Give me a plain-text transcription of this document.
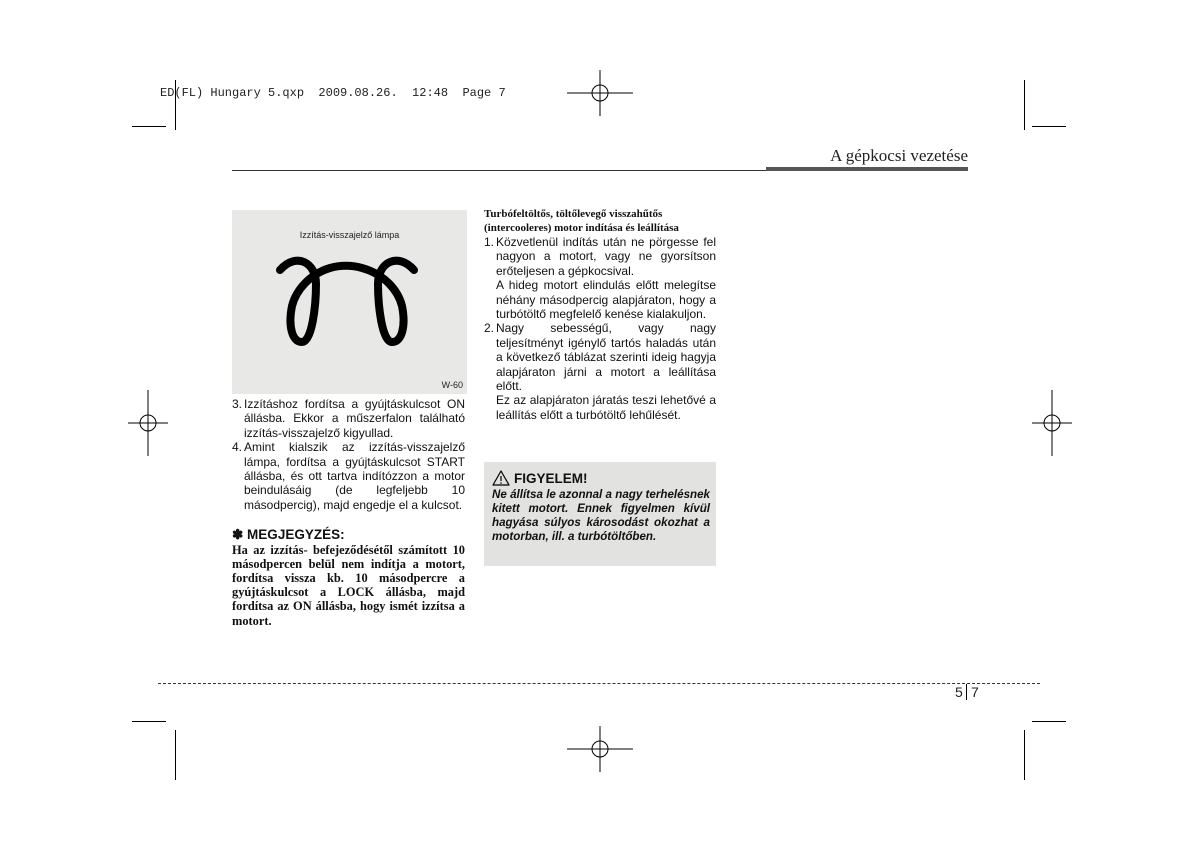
ED(FL) Hungary 5.qxp  2009.08.26.  12:48  Page 7
A gépkocsi vezetése
Izzítás-visszajelző lámpa
W-60
3. Izzításhoz fordítsa a gyújtáskulcsot ON állásba. Ekkor a műszerfalon található izzítás-visszajelző kigyullad.
4. Amint kialszik az izzítás-visszajelző lámpa, fordítsa a gyújtáskulcsot START állásba, és ott tartva indítózzon a motor beindulásáig (de legfeljebb 10 másodpercig), majd engedje el a kulcsot.
✽ MEGJEGYZÉS:
Ha az izzítás- befejeződésétől számított 10 másodpercen belül nem indítja a motort, fordítsa vissza kb. 10 másodpercre a gyújtáskulcsot a LOCK állásba, majd fordítsa az ON állásba, hogy ismét izzítsa a motort.
Turbófeltöltős, töltőlevegő visszahűtős (intercooleres) motor indítása és leállítása
1. Közvetlenül indítás után ne pörgesse fel nagyon a motort, vagy ne gyorsítson erőteljesen a gépkocsival.
A hideg motort elindulás előtt melegítse néhány másodpercig alapjáraton, hogy a turbótöltő megfelelő kenése kialakuljon.
2. Nagy sebességű, vagy nagy teljesítményt igénylő tartós haladás után a következő táblázat szerinti ideig hagyja alapjáraton járni a motort a leállítása előtt.
Ez az alapjáraton járatás teszi lehetővé a leállítás előtt a turbótöltő lehűlését.
FIGYELEM!
Ne állítsa le azonnal a nagy terhelésnek kitett motort. Ennek figyelmen kívül hagyása súlyos károsodást okozhat a motorban, ill. a turbótöltőben.
5 7
